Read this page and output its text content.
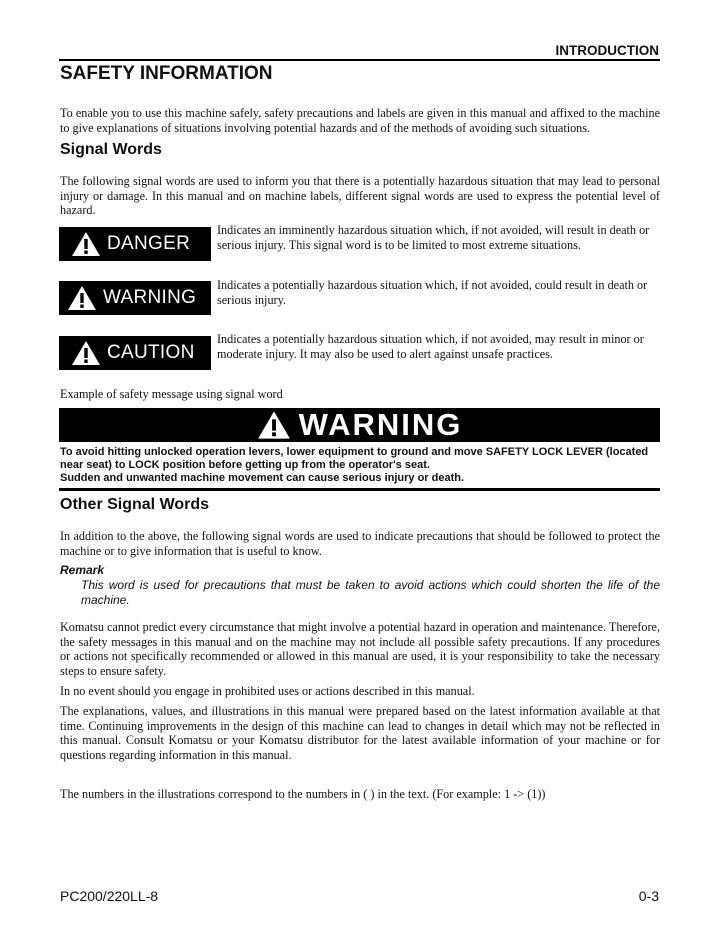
INTRODUCTION
SAFETY INFORMATION

To enable you to use this machine safely, safety precautions and labels are given in this manual and affixed to the machine to give explanations of situations involving potential hazards and of the methods of avoiding such situations.

Signal Words

The following signal words are used to inform you that there is a potentially hazardous situation that may lead to personal injury or damage. In this manual and on machine labels, different signal words are used to express the potential level of hazard.

DANGER

Indicates an imminently hazardous situation which, if not avoided, will result in death or serious injury. This signal word is to be limited to most extreme situations.

WARNING

Indicates a potentially hazardous situation which, if not avoided, could result in death or serious injury.

CAUTION

Indicates a potentially hazardous situation which, if not avoided, may result in minor or moderate injury. It may also be used to alert against unsafe practices.

Example of safety message using signal word

WARNING
To avoid hitting unlocked operation levers, lower equipment to ground and move SAFETY LOCK LEVER (located near seat) to LOCK position before getting up from the operator's seat.
Sudden and unwanted machine movement can cause serious injury or death.
Other Signal Words

In addition to the above, the following signal words are used to indicate precautions that should be followed to protect the machine or to give information that is useful to know.

Remark

This word is used for precautions that must be taken to avoid actions which could shorten the life of the machine.

Komatsu cannot predict every circumstance that might involve a potential hazard in operation and maintenance. Therefore, the safety messages in this manual and on the machine may not include all possible safety precautions. If any procedures or actions not specifically recommended or allowed in this manual are used, it is your responsibility to take the necessary steps to ensure safety.

In no event should you engage in prohibited uses or actions described in this manual.

The explanations, values, and illustrations in this manual were prepared based on the latest information available at that time. Continuing improvements in the design of this machine can lead to changes in detail which may not be reflected in this manual. Consult Komatsu or your Komatsu distributor for the latest available information of your machine or for questions regarding information in this manual.

The numbers in the illustrations correspond to the numbers in ( ) in the text. (For example: 1 -> (1))

PC200/220LL-8	0-3
